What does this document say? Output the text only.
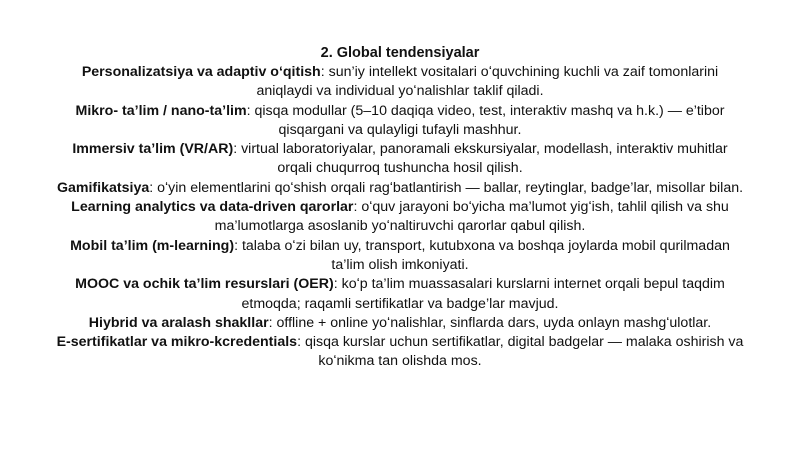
2. Global tendensiyalar

Personalizatsiya va adaptiv oʻqitish: sun’iy intellekt vositalari oʻquvchining kuchli va zaif tomonlarini aniqlaydi va individual yoʻnalishlar taklif qiladi.

Mikro- ta’lim / nano-ta’lim: qisqa modullar (5–10 daqiqa video, test, interaktiv mashq va h.k.) — e’tibor qisqargani va qulayligi tufayli mashhur.

Immersiv ta’lim (VR/AR): virtual laboratoriyalar, panoramali ekskursiyalar, modellash, interaktiv muhitlar orqali chuqurroq tushuncha hosil qilish.

Gamifikatsiya: oʻyin elementlarini qoʻshish orqali ragʻbatlantirish — ballar, reytinglar, badge’lar, misollar bilan. Learning analytics va data-driven qarorlar: oʻquv jarayoni boʻyicha ma’lumot yigʻish, tahlil qilish va shu ma’lumotlarga asoslanib yoʻnaltiruvchi qarorlar qabul qilish.

Mobil ta’lim (m-learning): talaba oʻzi bilan uy, transport, kutubxona va boshqa joylarda mobil qurilmadan ta’lim olish imkoniyati.

MOOC va ochik ta’lim resurslari (OER): koʻp ta’lim muassasalari kurslarni internet orqali bepul taqdim etmoqda; raqamli sertifikatlar va badge’lar mavjud.

Hiybrid va aralash shakllar: offline + online yoʻnalishlar, sinflarda dars, uyda onlayn mashgʻulotlar.

E-sertifikatlar va mikro-kcredentials: qisqa kurslar uchun sertifikatlar, digital badgelar — malaka oshirish va koʻnikma tan olishda mos.
